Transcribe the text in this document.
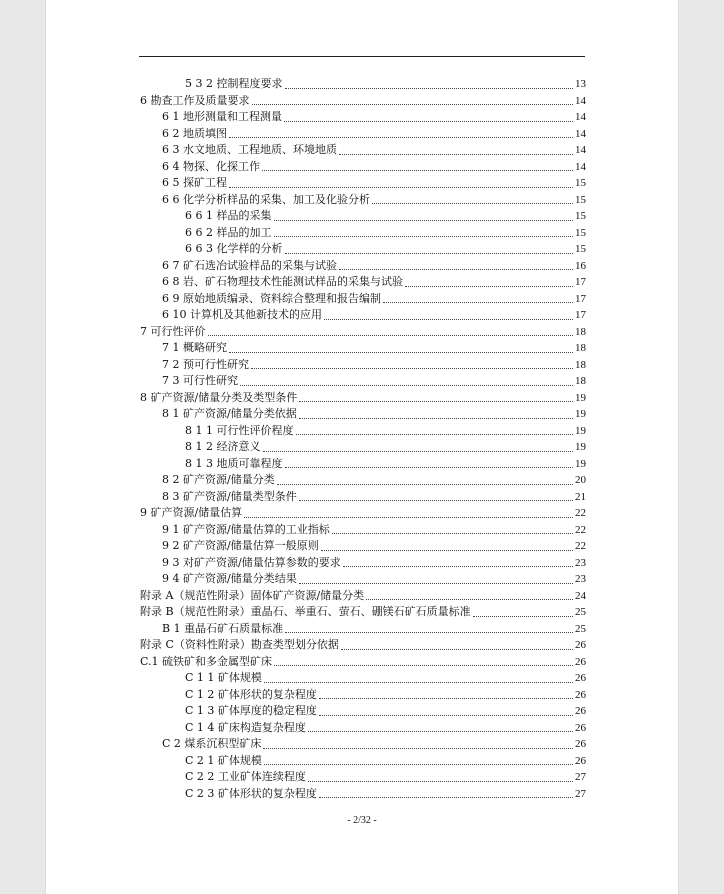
5 3 2 控制程度要求	13
6 勘查工作及质量要求	14
6 1 地形测量和工程测量	14
6 2 地质填图	14
6 3 水文地质、工程地质、环境地质	14
6 4 物探、化探工作	14
6 5 探矿工程	15
6 6 化学分析样品的采集、加工及化验分析	15
6 6 1 样品的采集	15
6 6 2 样品的加工	15
6 6 3 化学样的分析	15
6 7 矿石选冶试验样品的采集与试验	16
6 8 岩、矿石物理技术性能测试样品的采集与试验	17
6 9 原始地质编录、资料综合整理和报告编制	17
6 10 计算机及其他新技术的应用	17
7 可行性评价	18
7 1 概略研究	18
7 2 预可行性研究	18
7 3 可行性研究	18
8 矿产资源/储量分类及类型条件	19
8 1 矿产资源/储量分类依据	19
8 1 1 可行性评价程度	19
8 1 2 经济意义	19
8 1 3 地质可靠程度	19
8 2 矿产资源/储量分类	20
8 3 矿产资源/储量类型条件	21
9 矿产资源/储量估算	22
9 1 矿产资源/储量估算的工业指标	22
9 2 矿产资源/储量估算一般原则	22
9 3 对矿产资源/储量估算参数的要求	23
9 4 矿产资源/储量分类结果	23
附录 A（规范性附录）固体矿产资源/储量分类	24
附录 B（规范性附录）重晶石、举重石、萤石、硼镁石矿石质量标准	25
B 1 重晶石矿石质量标准	25
附录 C（资料性附录）勘查类型划分依据	26
C.1 硫铁矿和多金属型矿床	26
C 1 1 矿体规模	26
C 1 2 矿体形状的复杂程度	26
C 1 3 矿体厚度的稳定程度	26
C 1 4 矿床构造复杂程度	26
C 2 煤系沉积型矿床	26
C 2 1 矿体规模	26
C 2 2 工业矿体连续程度	27
C 2 3 矿体形状的复杂程度	27
- 2/32 -
